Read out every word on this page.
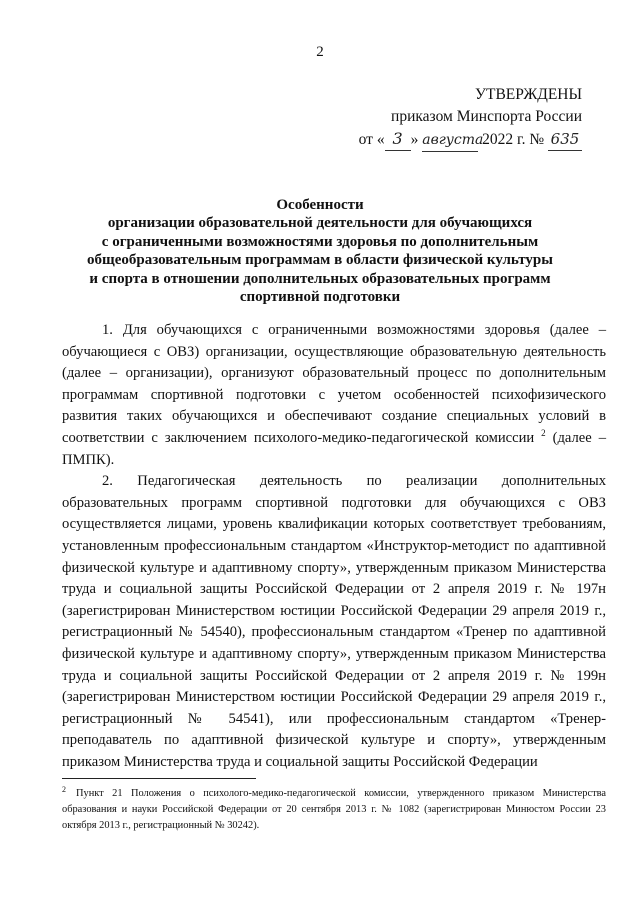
2
УТВЕРЖДЕНЫ
приказом Минспорта России
от « 3 » августа 2022 г. № 635
Особенности
организации образовательной деятельности для обучающихся
с ограниченными возможностями здоровья по дополнительным
общеобразовательным программам в области физической культуры
и спорта в отношении дополнительных образовательных программ
спортивной подготовки

1. Для обучающихся с ограниченными возможностями здоровья (далее – обучающиеся с ОВЗ) организации, осуществляющие образовательную деятельность (далее – организации), организуют образовательный процесс по дополнительным программам спортивной подготовки с учетом особенностей психофизического развития таких обучающихся и обеспечивают создание специальных условий в соответствии с заключением психолого-медико-педагогической комиссии $^2$ (далее – ПМПК).

2. Педагогическая деятельность по реализации дополнительных образовательных программ спортивной подготовки для обучающихся с ОВЗ осуществляется лицами, уровень квалификации которых соответствует требованиям, установленным профессиональным стандартом «Инструктор-методист по адаптивной физической культуре и адаптивному спорту», утвержденным приказом Министерства труда и социальной защиты Российской Федерации от 2 апреля 2019 г. № 197н (зарегистрирован Министерством юстиции Российской Федерации 29 апреля 2019 г., регистрационный № 54540), профессиональным стандартом «Тренер по адаптивной физической культуре и адаптивному спорту», утвержденным приказом Министерства труда и социальной защиты Российской Федерации от 2 апреля 2019 г. № 199н (зарегистрирован Министерством юстиции Российской Федерации 29 апреля 2019 г., регистрационный № 54541), или профессиональным стандартом «Тренер-преподаватель по адаптивной физической культуре и спорту», утвержденным приказом Министерства труда и социальной защиты Российской Федерации

$^2$ Пункт 21 Положения о психолого-медико-педагогической комиссии, утвержденного приказом Министерства образования и науки Российской Федерации от 20 сентября 2013 г. № 1082 (зарегистрирован Минюстом России 23 октября 2013 г., регистрационный № 30242).
